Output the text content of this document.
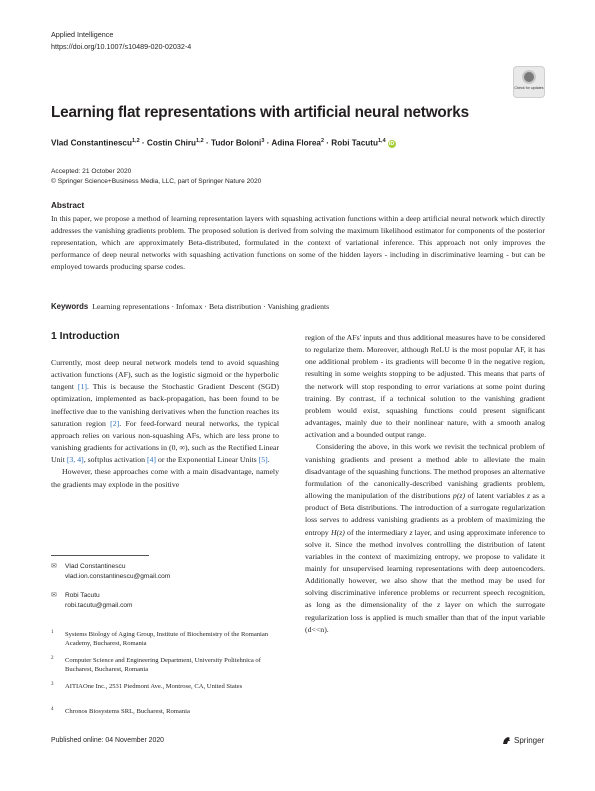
Applied Intelligence
https://doi.org/10.1007/s10489-020-02032-4
Check for updates
Learning flat representations with artificial neural networks
Vlad Constantinescu$^{1,2}$ · Costin Chiru$^{1,2}$ · Tudor Boloni$^3$ · Adina Florea$^2$ · Robi Tacutu$^{1,4}$ iD
Accepted: 21 October 2020
© Springer Science+Business Media, LLC, part of Springer Nature 2020
Abstract
In this paper, we propose a method of learning representation layers with squashing activation functions within a deep artificial neural network which directly addresses the vanishing gradients problem. The proposed solution is derived from solving the maximum likelihood estimator for components of the posterior representation, which are approximately Beta-distributed, formulated in the context of variational inference. This approach not only improves the performance of deep neural networks with squashing activation functions on some of the hidden layers - including in discriminative learning - but can be employed towards producing sparse codes.
Keywords Learning representations · Infomax · Beta distribution · Vanishing gradients
1 Introduction

Currently, most deep neural network models tend to avoid squashing activation functions (AF), such as the logistic sigmoid or the hyperbolic tangent [1]. This is because the Stochastic Gradient Descent (SGD) optimization, implemented as back-propagation, has been found to be ineffective due to the vanishing derivatives when the function reaches its saturation region [2]. For feed-forward neural networks, the typical approach relies on various non-squashing AFs, which are less prone to vanishing gradients for activations in (0, ∞), such as the Rectified Linear Unit [3, 4], softplus activation [4] or the Exponential Linear Units [5].

However, these approaches come with a main disadvantage, namely the gradients may explode in the positive

region of the AFs' inputs and thus additional measures have to be considered to regularize them. Moreover, although ReLU is the most popular AF, it has one additional problem - its gradients will become 0 in the negative region, resulting in some weights stopping to be adjusted. This means that parts of the network will stop responding to error variations at some point during training. By contrast, if a technical solution to the vanishing gradient problem would exist, squashing functions could present significant advantages, mainly due to their nonlinear nature, with a smooth analog activation and a bounded output range.

Considering the above, in this work we revisit the technical problem of vanishing gradients and present a method able to alleviate the main disadvantage of the squashing functions. The method proposes an alternative formulation of the canonically-described vanishing gradients problem, allowing the manipulation of the distributions p(z) of latent variables z as a product of Beta distributions. The introduction of a surrogate regularization loss serves to address vanishing gradients as a problem of maximizing the entropy H(z) of the intermediary z layer, and using approximate inference to solve it. Since the method involves controlling the distribution of latent variables in the context of maximizing entropy, we propose to validate it mainly for unsupervised learning representations with deep autoencoders. Additionally however, we also show that the method may be used for solving discriminative inference problems or recurrent speech recognition, as long as the dimensionality of the z layer on which the surrogate regularization loss is applied is much smaller than that of the input variable (d<<n).

✉	Vlad Constantinescu
vlad.ion.constantinescu@gmail.com
✉	Robi Tacutu
robi.tacutu@gmail.com
1 Systems Biology of Aging Group, Institute of Biochemistry of the Romanian Academy, Bucharest, Romania
2 Computer Science and Engineering Department, University Politehnica of Bucharest, Bucharest, Romania
3 AITIAOne Inc., 2531 Piedmont Ave., Montrose, CA, United States
4 Chronos Biosystems SRL, Bucharest, Romania
Published online: 04 November 2020	Springer
